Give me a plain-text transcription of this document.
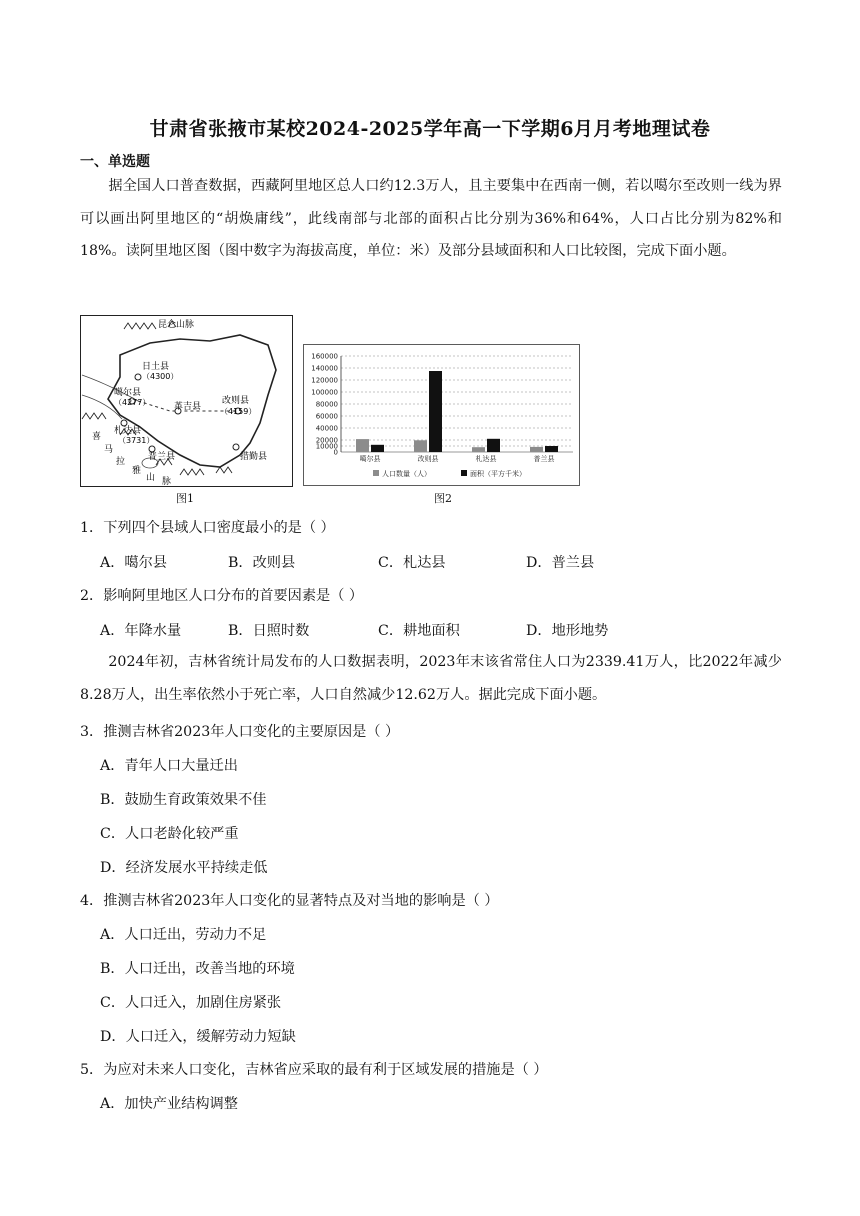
甘肃省张掖市某校2024-2025学年高一下学期6月月考地理试卷
一、单选题
据全国人口普查数据，西藏阿里地区总人口约12.3万人，且主要集中在西南一侧，若以噶尔至改则一线为界可以画出阿里地区的“胡焕庸线”，此线南部与北部的面积占比分别为36%和64%，人口占比分别为82%和18%。读阿里地区图（图中数字为海拔高度，单位：米）及部分县域面积和人口比较图，完成下面小题。
昆仑山脉
日土县
（4300）
噶尔县
（4277）	革吉县
改则县
（4159）
札达县
（3731）
普兰县	措勤县
喜
马
拉
雅
山 脉
图1
160000
140000
120000
100000
80000
60000
40000
20000
10000
0
噶尔县	改则县	札达县	普兰县
人口数量（人）	面积（平方千米）
图2
1．下列四个县域人口密度最小的是（ ）
A．噶尔县	B．改则县	C．札达县	D．普兰县
2．影响阿里地区人口分布的首要因素是（ ）
A．年降水量	B．日照时数	C．耕地面积	D．地形地势
2024年初，吉林省统计局发布的人口数据表明，2023年末该省常住人口为2339.41万人，比2022年减少8.28万人，出生率依然小于死亡率，人口自然减少12.62万人。据此完成下面小题。
3．推测吉林省2023年人口变化的主要原因是（ ）
A．青年人口大量迁出
B．鼓励生育政策效果不佳
C．人口老龄化较严重
D．经济发展水平持续走低
4．推测吉林省2023年人口变化的显著特点及对当地的影响是（ ）
A．人口迁出，劳动力不足
B．人口迁出，改善当地的环境
C．人口迁入，加剧住房紧张
D．人口迁入，缓解劳动力短缺
5．为应对未来人口变化，吉林省应采取的最有利于区域发展的措施是（ ）
A．加快产业结构调整
